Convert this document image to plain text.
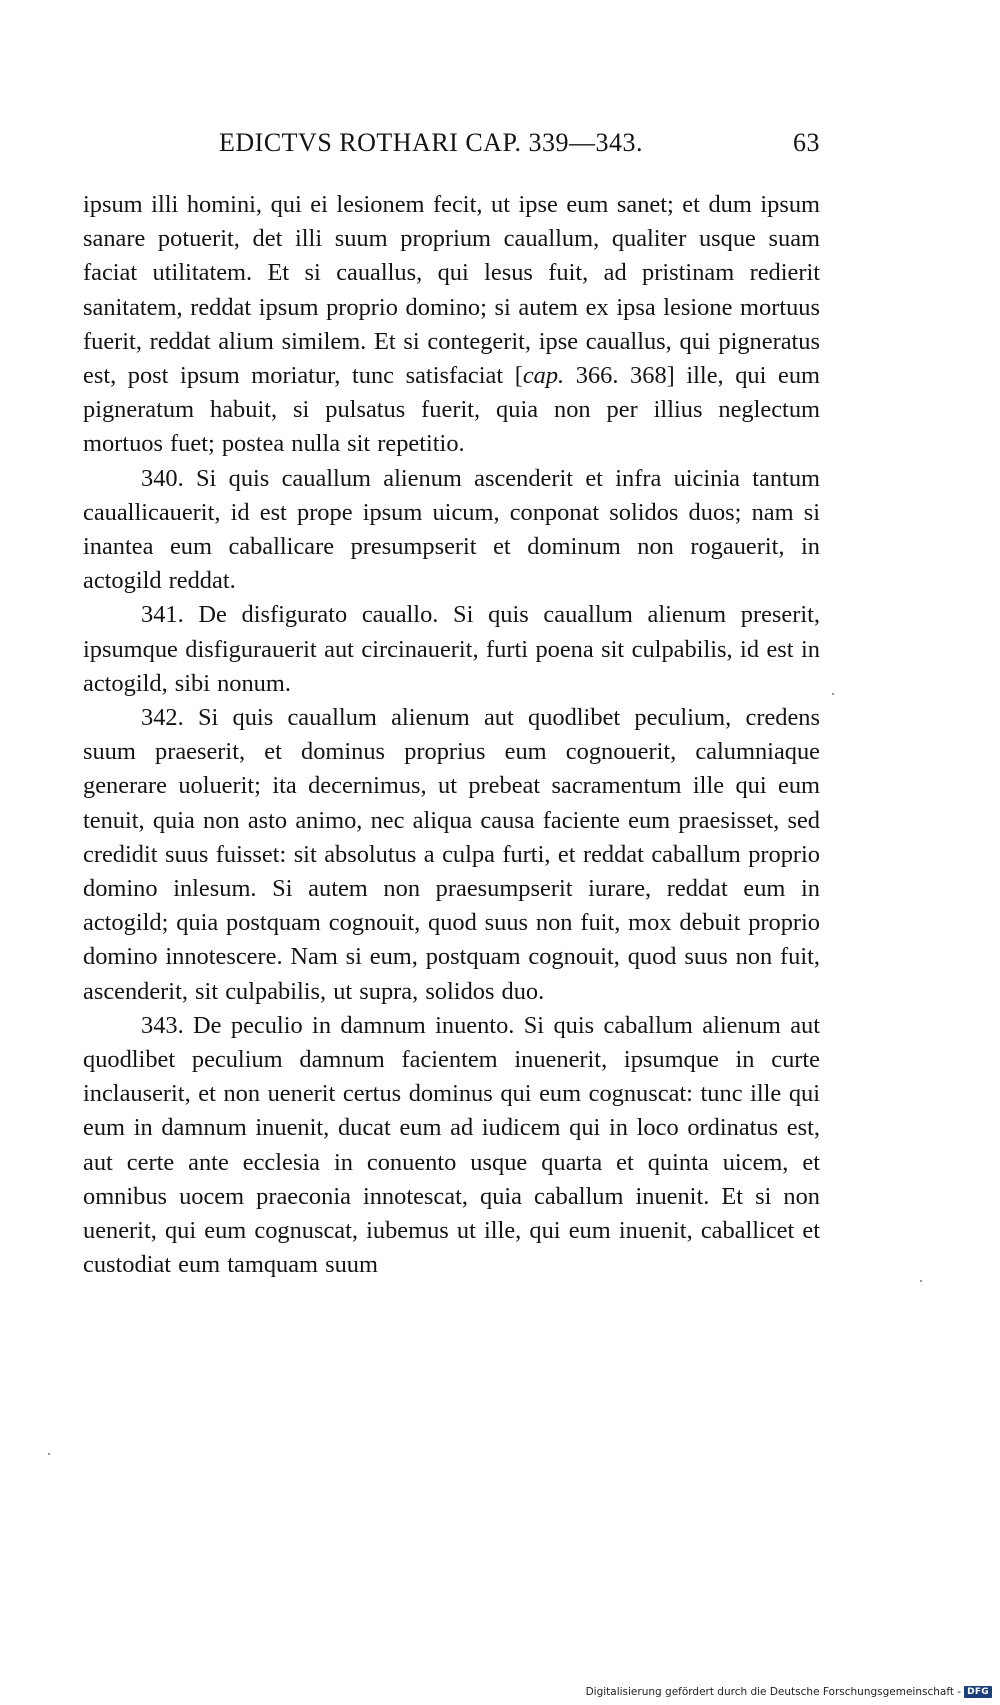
EDICTVS ROTHARI CAP. 339—343.	63

ipsum illi homini, qui ei lesionem fecit, ut ipse eum sanet; et dum ipsum sanare potuerit, det illi suum proprium cauallum, qualiter usque suam faciat utilitatem. Et si cauallus, qui lesus fuit, ad pristinam redierit sanitatem, reddat ipsum proprio domino; si autem ex ipsa lesione mortuus fuerit, reddat alium similem. Et si contegerit, ipse cauallus, qui pigneratus est, post ipsum moriatur, tunc satisfaciat [cap. 366. 368] ille, qui eum pigneratum habuit, si pulsatus fuerit, quia non per illius neglectum mortuos fuet; postea nulla sit repetitio.

340. Si quis cauallum alienum ascenderit et infra uicinia tantum cauallicauerit, id est prope ipsum uicum, conponat solidos duos; nam si inantea eum caballicare presumpserit et dominum non rogauerit, in actogild reddat.

341. De disfigurato cauallo. Si quis cauallum alienum preserit, ipsumque disfigurauerit aut circinauerit, furti poena sit culpabilis, id est in actogild, sibi nonum.

342. Si quis cauallum alienum aut quodlibet peculium, credens suum praeserit, et dominus proprius eum cognouerit, calumniaque generare uoluerit; ita decernimus, ut prebeat sacramentum ille qui eum tenuit, quia non asto animo, nec aliqua causa faciente eum praesisset, sed credidit suus fuisset: sit absolutus a culpa furti, et reddat caballum proprio domino inlesum. Si autem non praesumpserit iurare, reddat eum in actogild; quia postquam cognouit, quod suus non fuit, mox debuit proprio domino innotescere. Nam si eum, postquam cognouit, quod suus non fuit, ascenderit, sit culpabilis, ut supra, solidos duo.

343. De peculio in damnum inuento. Si quis caballum alienum aut quodlibet peculium damnum facientem inuenerit, ipsumque in curte inclauserit, et non uenerit certus dominus qui eum cognuscat: tunc ille qui eum in damnum inuenit, ducat eum ad iudicem qui in loco ordinatus est, aut certe ante ecclesia in conuento usque quarta et quinta uicem, et omnibus uocem praeconia innotescat, quia caballum inuenit. Et si non uenerit, qui eum cognuscat, iubemus ut ille, qui eum inuenit, caballicet et custodiat eum tamquam suum

Digitalisierung gefördert durch die Deutsche Forschungsgemeinschaft - DFG
